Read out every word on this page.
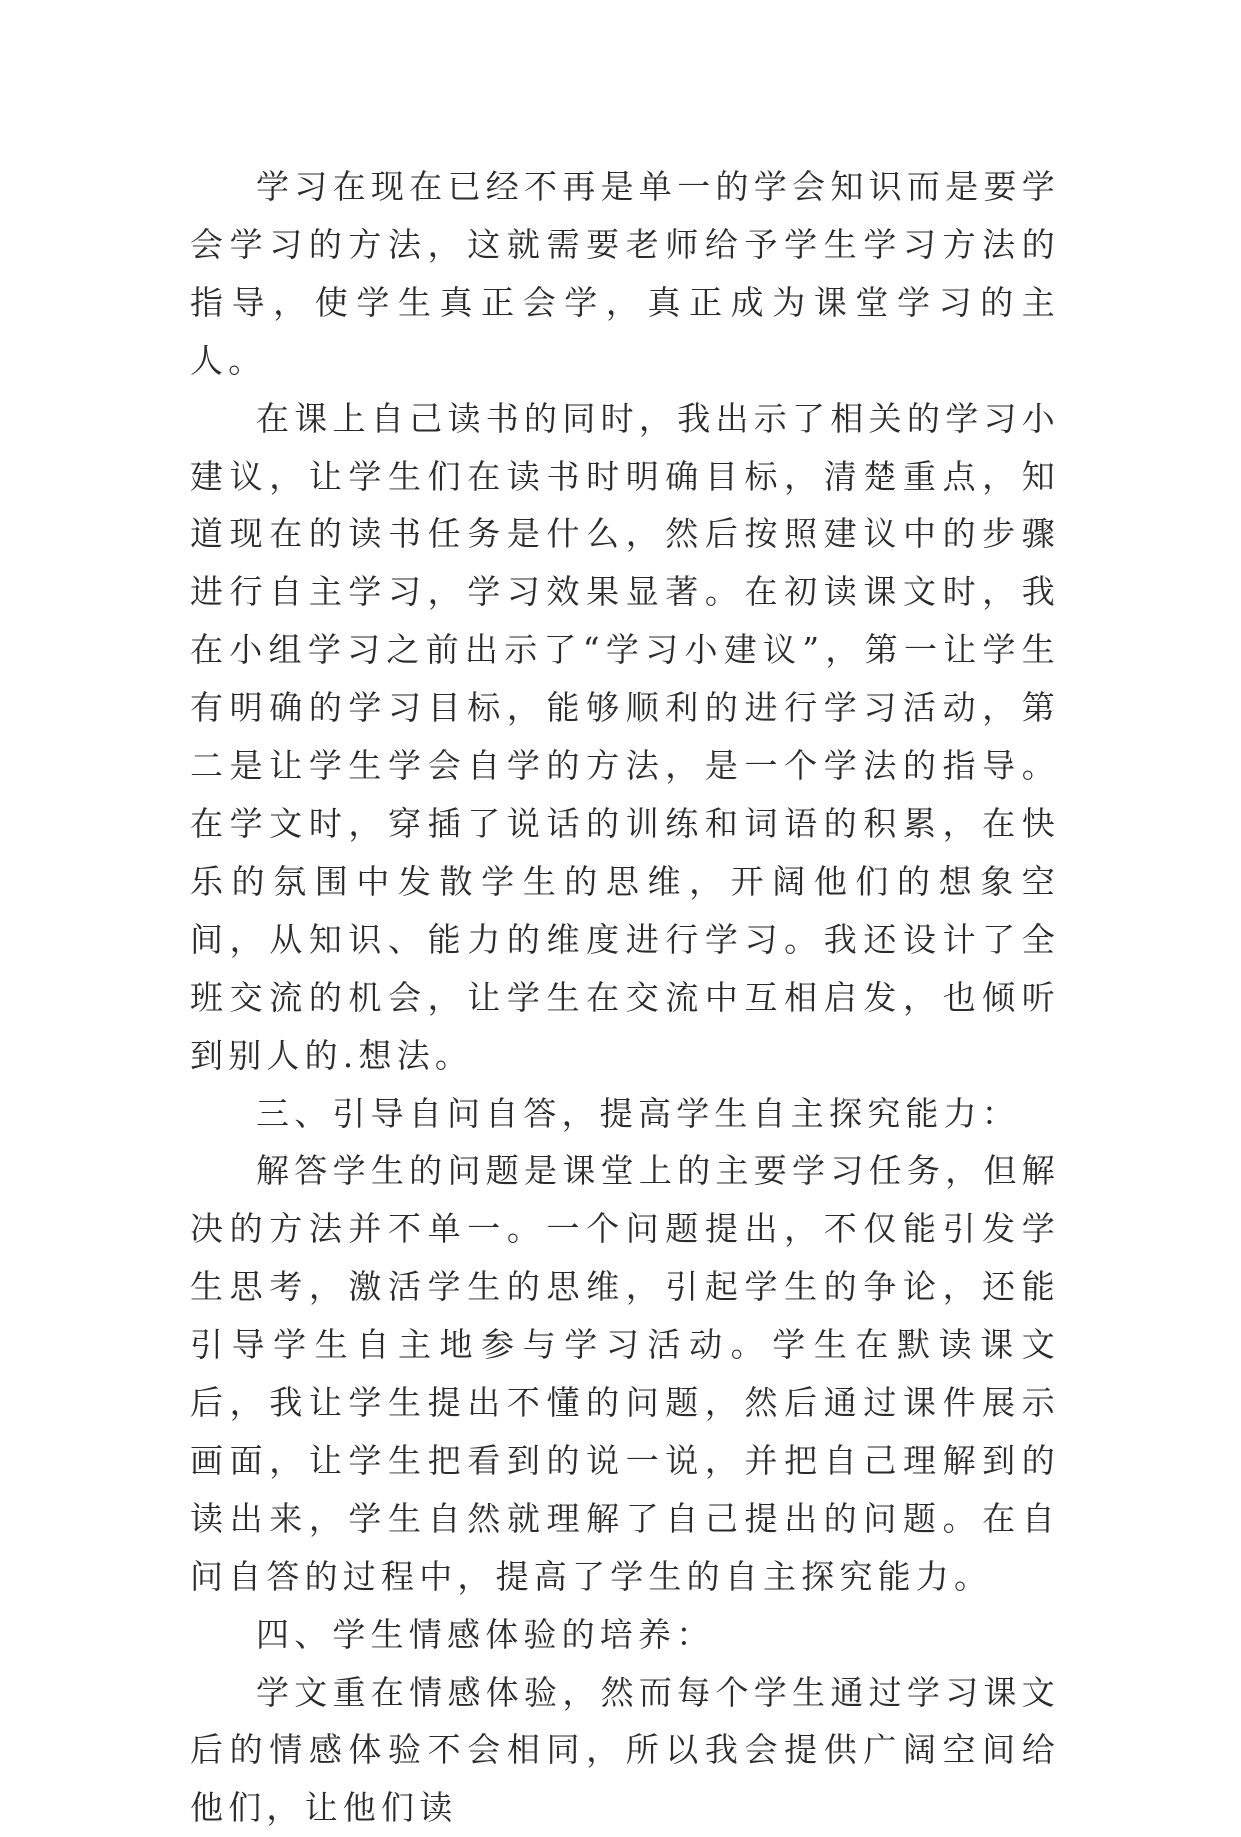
学习在现在已经不再是单一的学会知识而是要学会学习的方法，这就需要老师给予学生学习方法的指导，使学生真正会学，真正成为课堂学习的主人。

在课上自己读书的同时，我出示了相关的学习小建议，让学生们在读书时明确目标，清楚重点，知道现在的读书任务是什么，然后按照建议中的步骤进行自主学习，学习效果显著。在初读课文时，我在小组学习之前出示了“学习小建议”，第一让学生有明确的学习目标，能够顺利的进行学习活动，第二是让学生学会自学的方法，是一个学法的指导。在学文时，穿插了说话的训练和词语的积累，在快乐的氛围中发散学生的思维，开阔他们的想象空间，从知识、能力的维度进行学习。我还设计了全班交流的机会，让学生在交流中互相启发，也倾听到别人的.想法。

三、引导自问自答，提高学生自主探究能力：

解答学生的问题是课堂上的主要学习任务，但解决的方法并不单一。一个问题提出，不仅能引发学生思考，激活学生的思维，引起学生的争论，还能引导学生自主地参与学习活动。学生在默读课文后，我让学生提出不懂的问题，然后通过课件展示画面，让学生把看到的说一说，并把自己理解到的读出来，学生自然就理解了自己提出的问题。在自问自答的过程中，提高了学生的自主探究能力。

四、学生情感体验的培养：

学文重在情感体验，然而每个学生通过学习课文后的情感体验不会相同，所以我会提供广阔空间给他们，让他们读
